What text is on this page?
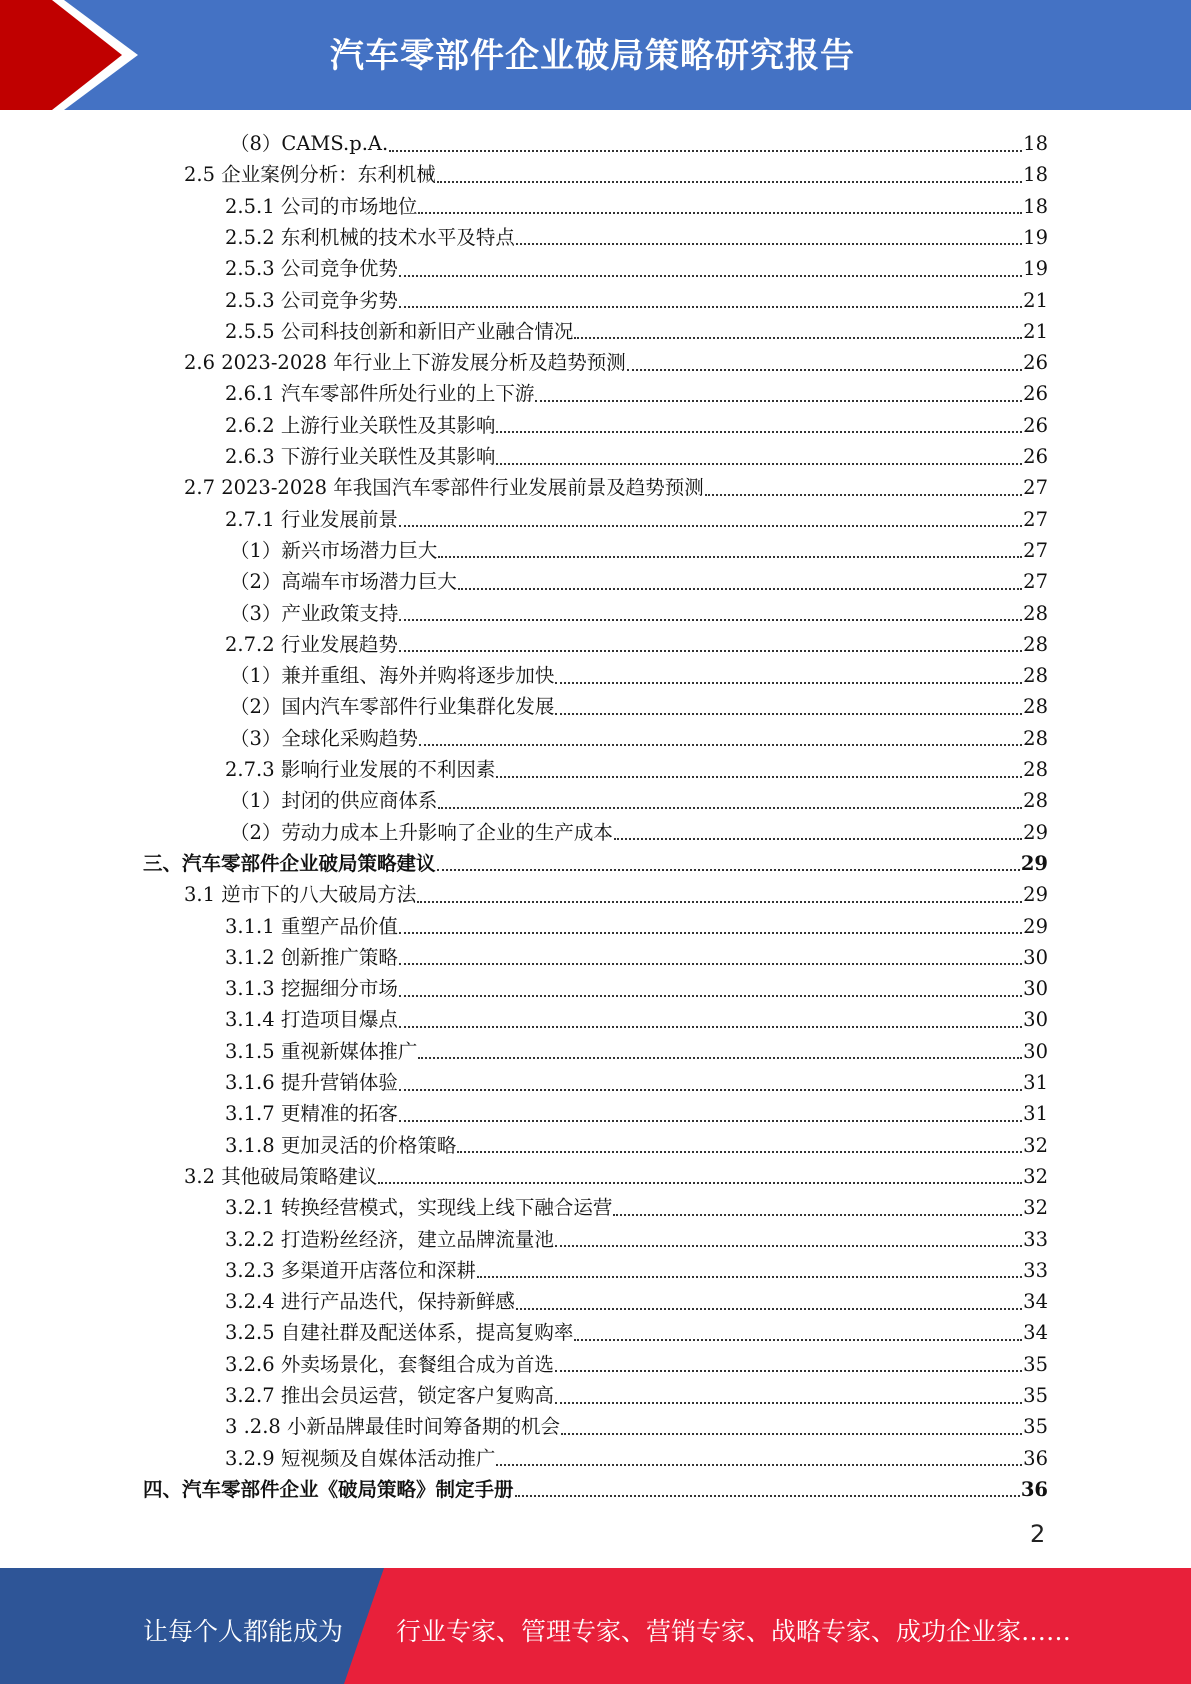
汽车零部件企业破局策略研究报告
（8）CAMS.p.A.	18
2.5 企业案例分析：东利机械	18
2.5.1 公司的市场地位	18
2.5.2 东利机械的技术水平及特点	19
2.5.3 公司竞争优势	19
2.5.3 公司竞争劣势	21
2.5.5 公司科技创新和新旧产业融合情况	21
2.6 2023-2028 年行业上下游发展分析及趋势预测	26
2.6.1 汽车零部件所处行业的上下游	26
2.6.2 上游行业关联性及其影响	26
2.6.3 下游行业关联性及其影响	26
2.7 2023-2028 年我国汽车零部件行业发展前景及趋势预测	27
2.7.1 行业发展前景	27
（1）新兴市场潜力巨大	27
（2）高端车市场潜力巨大	27
（3）产业政策支持	28
2.7.2 行业发展趋势	28
（1）兼并重组、海外并购将逐步加快	28
（2）国内汽车零部件行业集群化发展	28
（3）全球化采购趋势	28
2.7.3 影响行业发展的不利因素	28
（1）封闭的供应商体系	28
（2）劳动力成本上升影响了企业的生产成本	29
三、汽车零部件企业破局策略建议	29
3.1 逆市下的八大破局方法	29
3.1.1 重塑产品价值	29
3.1.2 创新推广策略	30
3.1.3 挖掘细分市场	30
3.1.4 打造项目爆点	30
3.1.5 重视新媒体推广	30
3.1.6 提升营销体验	31
3.1.7 更精准的拓客	31
3.1.8 更加灵活的价格策略	32
3.2 其他破局策略建议	32
3.2.1 转换经营模式，实现线上线下融合运营	32
3.2.2 打造粉丝经济，建立品牌流量池	33
3.2.3 多渠道开店落位和深耕	33
3.2.4 进行产品迭代，保持新鲜感	34
3.2.5 自建社群及配送体系，提高复购率	34
3.2.6 外卖场景化，套餐组合成为首选	35
3.2.7 推出会员运营，锁定客户复购高	35
3 .2.8 小新品牌最佳时间筹备期的机会	35
3.2.9 短视频及自媒体活动推广	36
四、汽车零部件企业《破局策略》制定手册	36
2
让每个人都能成为 行业专家、管理专家、营销专家、战略专家、成功企业家……
